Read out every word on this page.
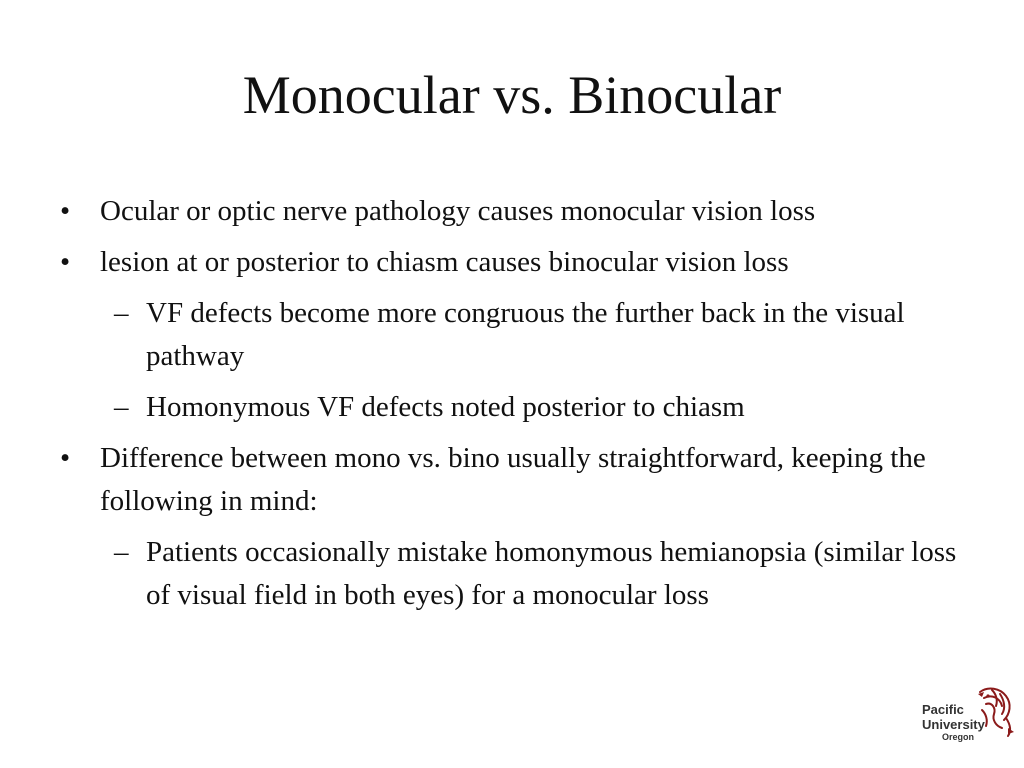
Monocular vs. Binocular
• Ocular or optic nerve pathology causes monocular vision loss
• lesion at or posterior to chiasm causes binocular vision loss
– VF defects become more congruous the further back in the visual pathway
– Homonymous VF defects noted posterior to chiasm
• Difference between mono vs. bino usually straightforward, keeping the following in mind:
– Patients occasionally mistake homonymous hemianopsia (similar loss of visual field in both eyes) for a monocular loss
Pacific
University
Oregon
